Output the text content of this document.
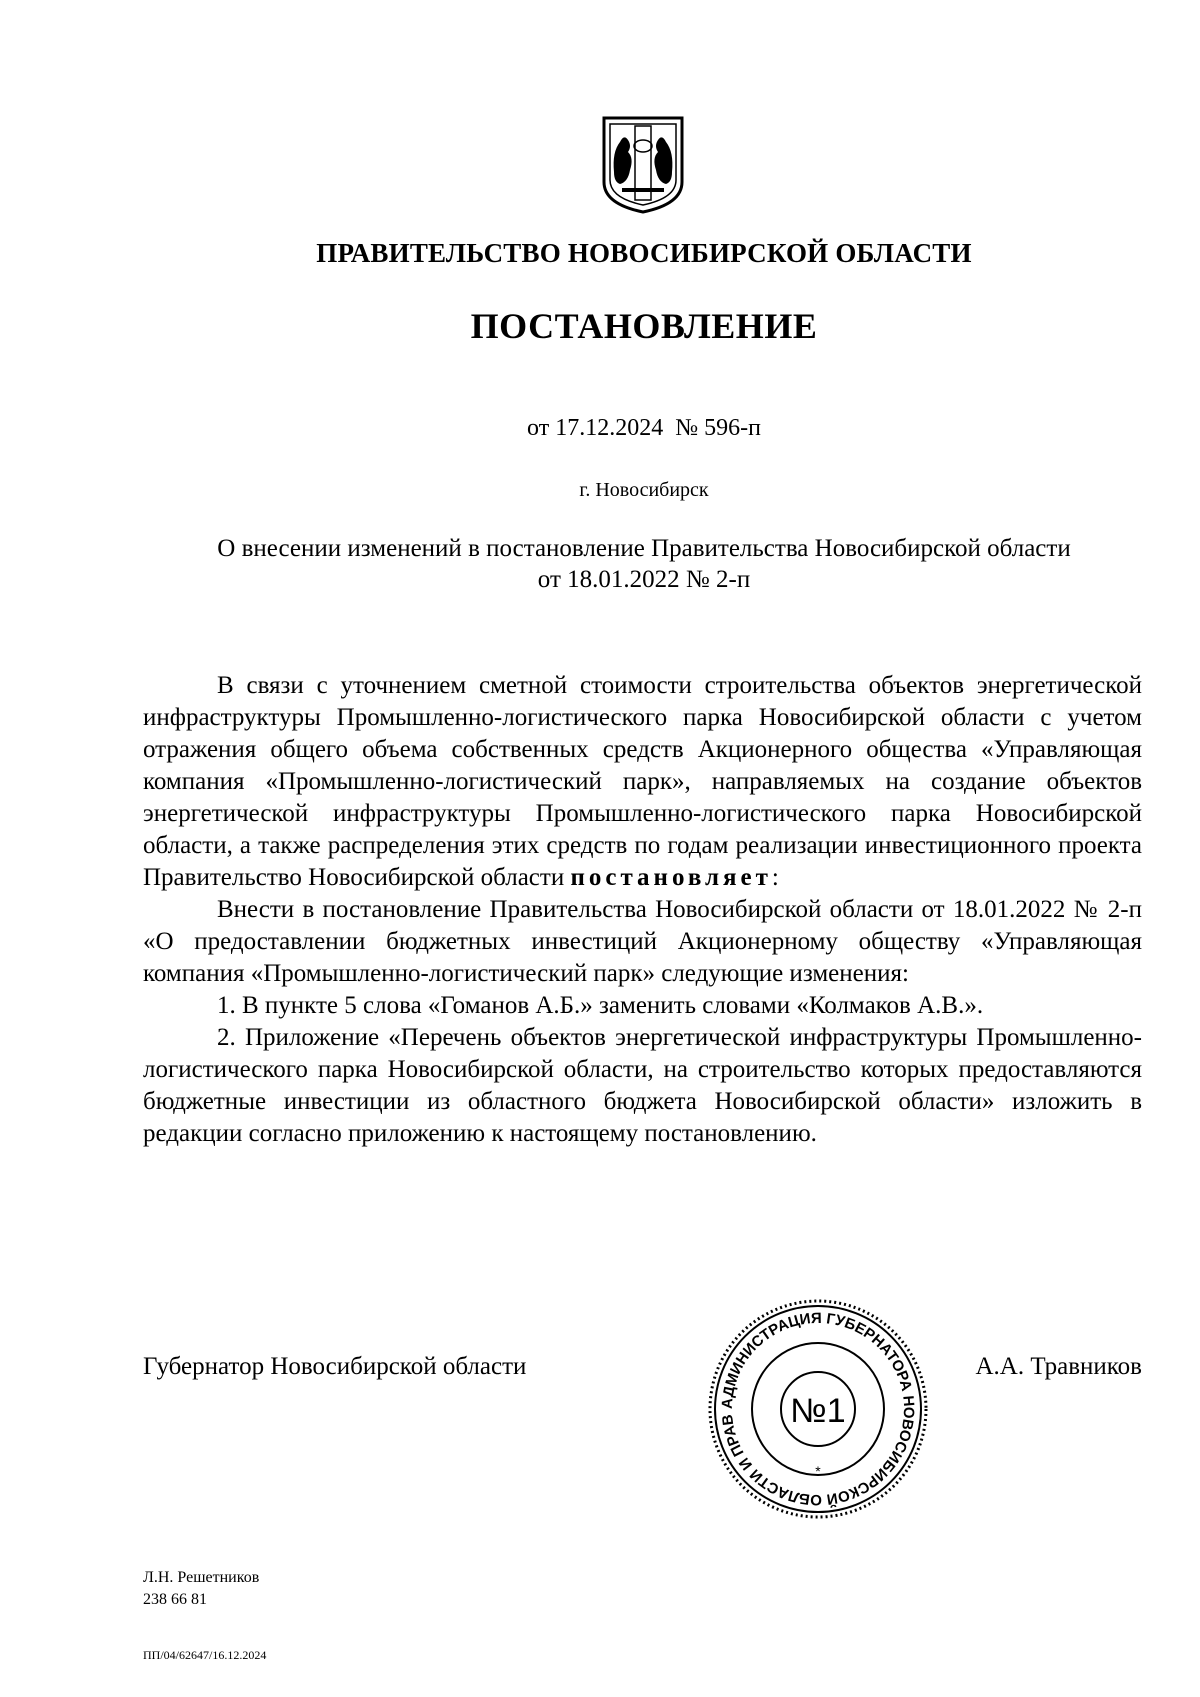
ПРАВИТЕЛЬСТВО НОВОСИБИРСКОЙ ОБЛАСТИ
ПОСТАНОВЛЕНИЕ
от 17.12.2024  № 596-п
г. Новосибирск
О внесении изменений в постановление Правительства Новосибирской области
от 18.01.2022 № 2-п

В связи с уточнением сметной стоимости строительства объектов энергетической инфраструктуры Промышленно-логистического парка Новосибирской области с учетом отражения общего объема собственных средств Акционерного общества «Управляющая компания «Промышленно-логистический парк», направляемых на создание объектов энергетической инфраструктуры Промышленно-логистического парка Новосибирской области, а также распределения этих средств по годам реализации инвестиционного проекта Правительство Новосибирской области постановляет:

Внести в постановление Правительства Новосибирской области от 18.01.2022 № 2-п «О предоставлении бюджетных инвестиций Акционерному обществу «Управляющая компания «Промышленно-логистический парк» следующие изменения:

1. В пункте 5 слова «Гоманов А.Б.» заменить словами «Колмаков А.В.».

2. Приложение «Перечень объектов энергетической инфраструктуры Промышленно-логистического парка Новосибирской области, на строительство которых предоставляются бюджетные инвестиции из областного бюджета Новосибирской области» изложить в редакции согласно приложению к настоящему постановлению.

Губернатор Новосибирской области
АДМИНИСТРАЦИЯ ГУБЕРНАТОРА НОВОСИБИРСКОЙ ОБЛАСТИ И ПРАВ	№1
*
А.А. Травников
Л.Н. Решетников
238 66 81
ПП/04/62647/16.12.2024
